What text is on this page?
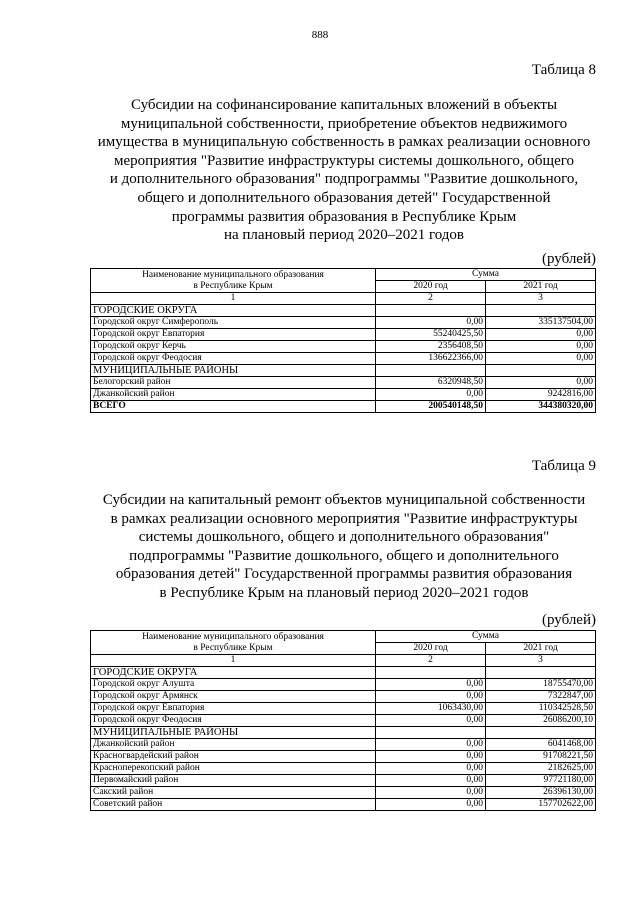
888
Таблица 8
Субсидии на софинансирование капитальных вложений в объекты
муниципальной собственности, приобретение объектов недвижимого
имущества в муниципальную собственность в рамках реализации основного
мероприятия "Развитие инфраструктуры системы дошкольного, общего
и дополнительного образования" подпрограммы "Развитие дошкольного,
общего и дополнительного образования детей" Государственной
программы развития образования в Республике Крым
на плановый период 2020–2021 годов
(рублей)
Наименование муниципального образования
в Республике Крым	Сумма	
	2020 год	2021 год
1	2	3
ГОРОДСКИЕ ОКРУГА		
Городской округ Симферополь	0,00	335137504,00
Городской округ Евпатория	55240425,50	0,00
Городской округ Керчь	2356408,50	0,00
Городской округ Феодосия	136622366,00	0,00
МУНИЦИПАЛЬНЫЕ РАЙОНЫ		
Белогорский район	6320948,50	0,00
Джанкойский район	0,00	9242816,00
ВСЕГО	200540148,50	344380320,00
Таблица 9
Субсидии на капитальный ремонт объектов муниципальной собственности
в рамках реализации основного мероприятия "Развитие инфраструктуры
системы дошкольного, общего и дополнительного образования"
подпрограммы "Развитие дошкольного, общего и дополнительного
образования детей" Государственной программы развития образования
в Республике Крым на плановый период 2020–2021 годов
(рублей)
Наименование муниципального образования
в Республике Крым	Сумма	
	2020 год	2021 год
1	2	3
ГОРОДСКИЕ ОКРУГА		
Городской округ Алушта	0,00	18755470,00
Городской округ Армянск	0,00	7322847,00
Городской округ Евпатория	1063430,00	110342528,50
Городской округ Феодосия	0,00	26086200,10
МУНИЦИПАЛЬНЫЕ РАЙОНЫ		
Джанкойский район	0,00	6041468,00
Красногвардейский район	0,00	91708221,50
Красноперекопский район	0,00	2182625,00
Первомайский район	0,00	97721180,00
Сакский район	0,00	26396130,00
Советский район	0,00	157702622,00
